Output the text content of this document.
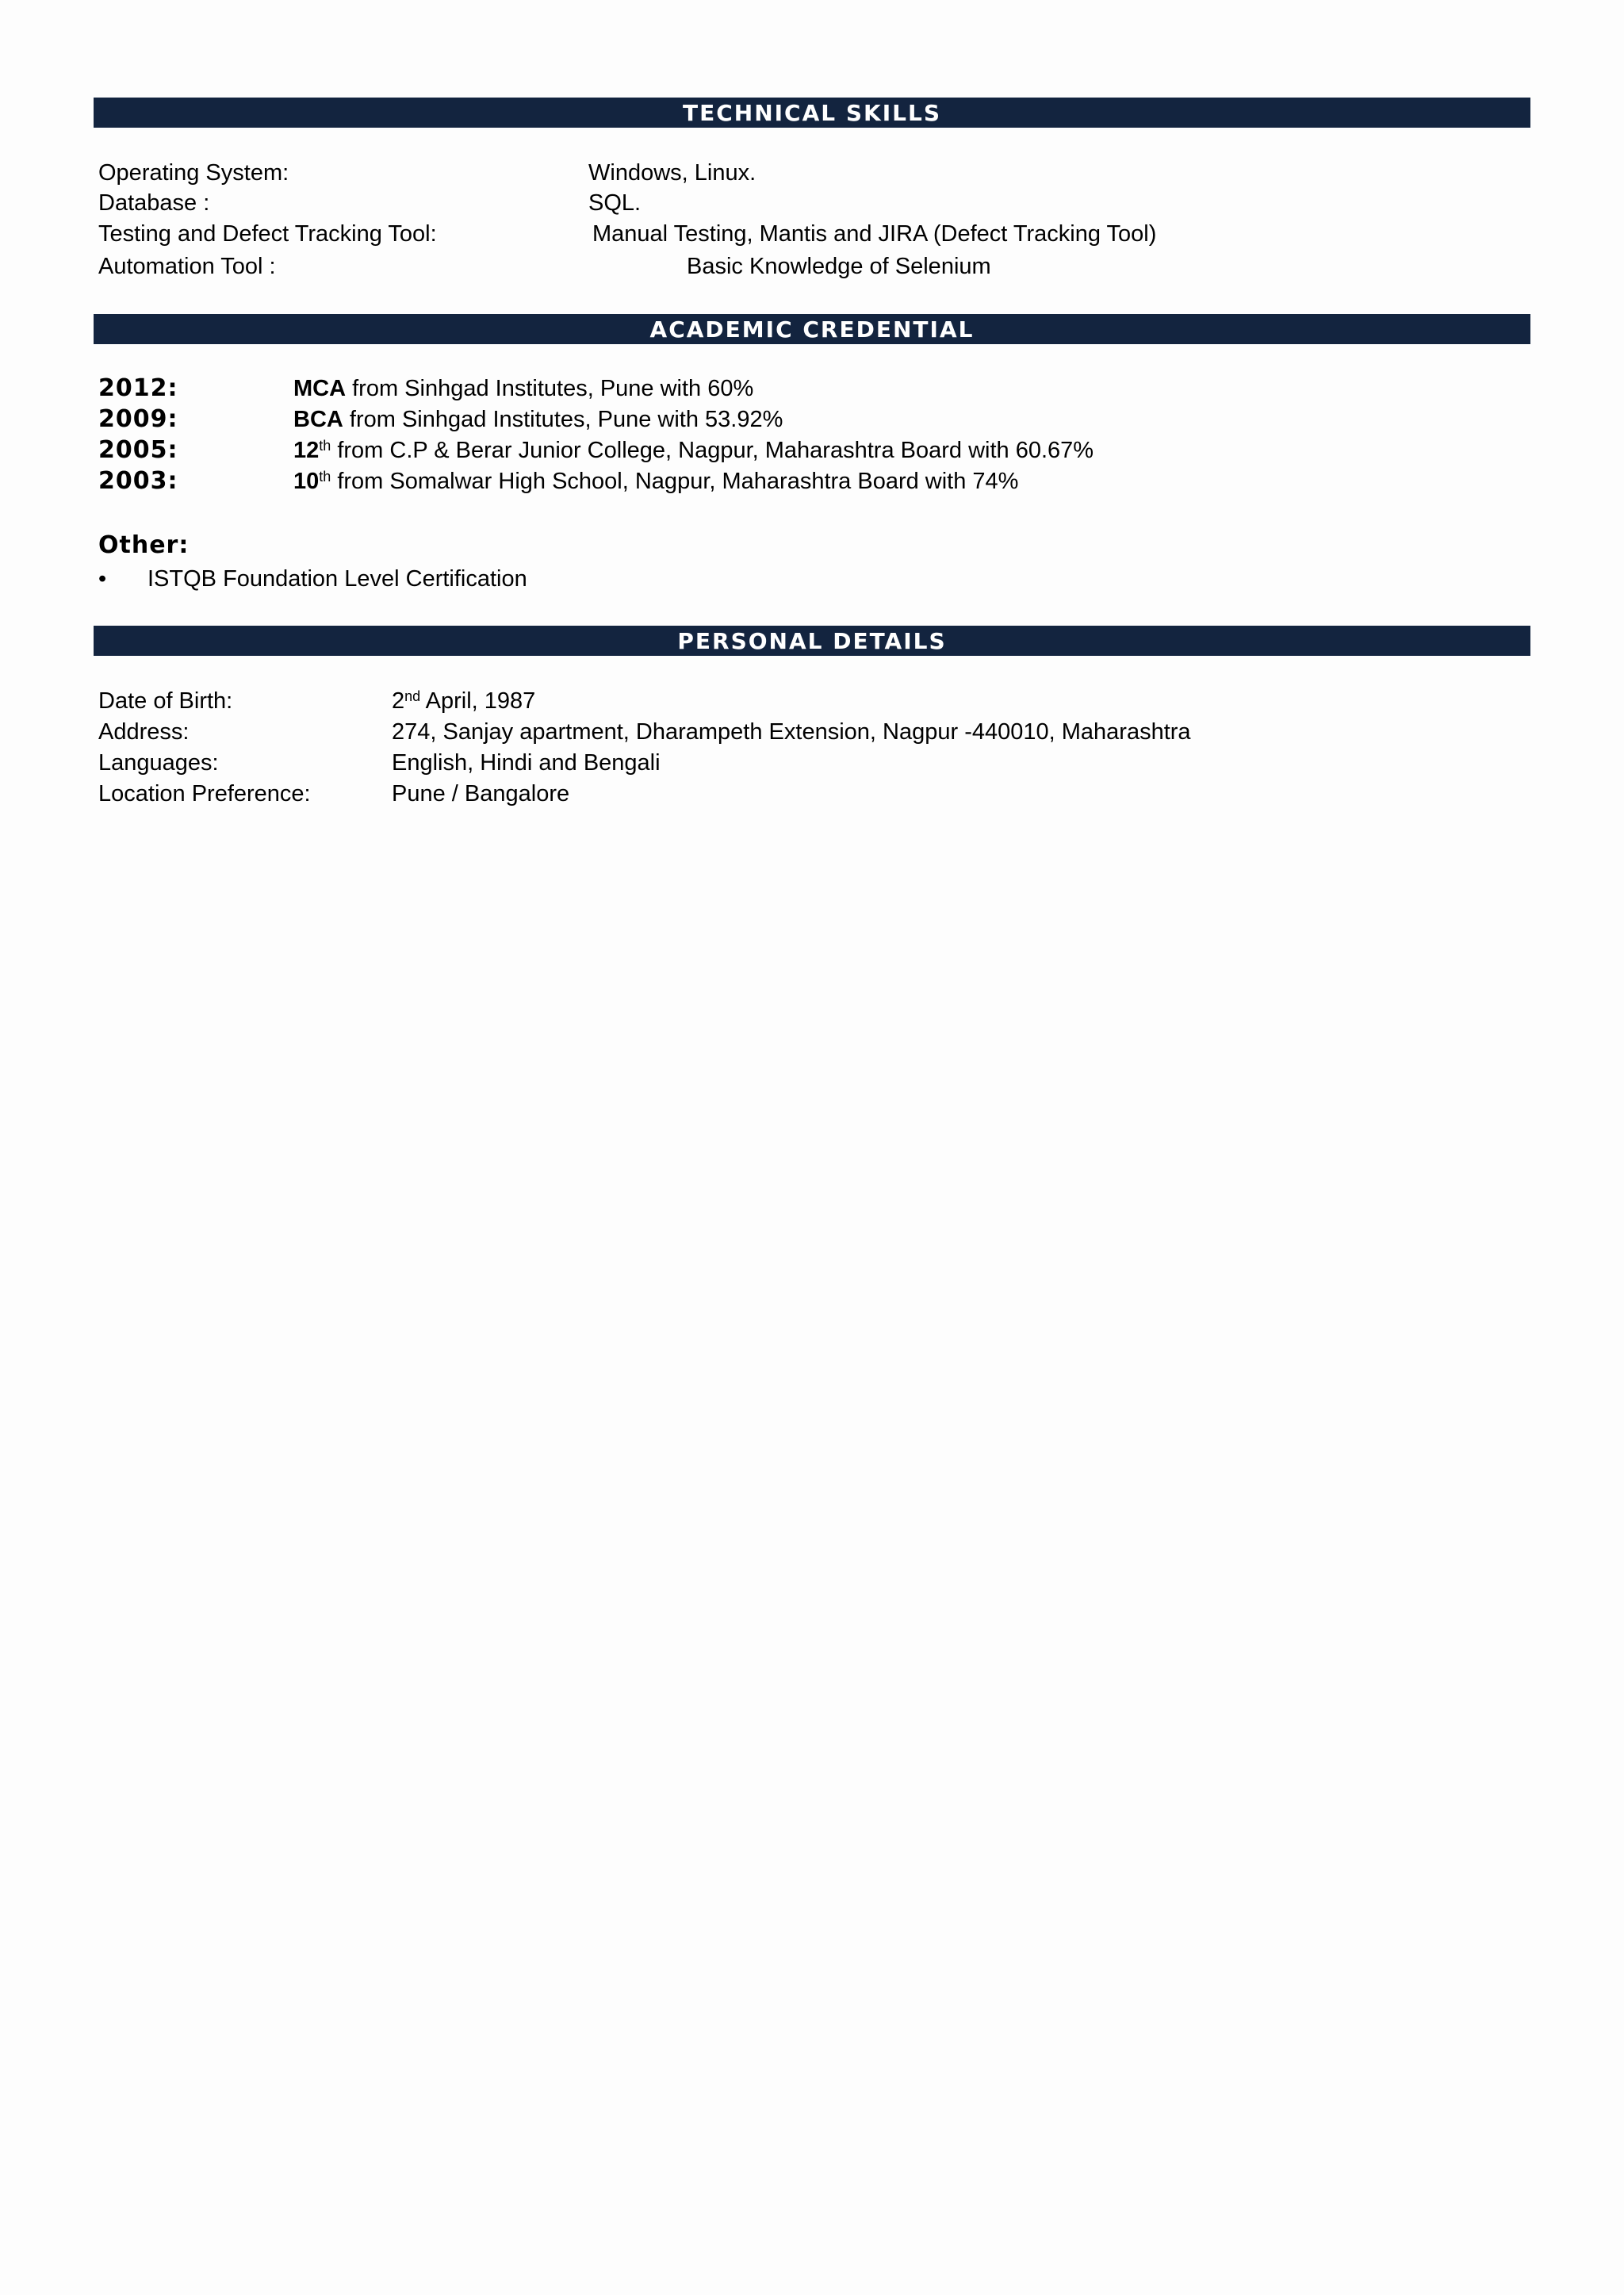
TECHNICAL SKILLS
Operating System:	Windows, Linux.
Database :	SQL.
Testing and Defect Tracking Tool:	Manual Testing, Mantis and JIRA (Defect Tracking Tool)
Automation Tool :	Basic Knowledge of Selenium
ACADEMIC CREDENTIAL
2012:	MCA from Sinhgad Institutes, Pune with 60%
2009:	BCA from Sinhgad Institutes, Pune with 53.92%
2005:	12th from C.P & Berar Junior College, Nagpur, Maharashtra Board with 60.67%
2003:	10th from Somalwar High School, Nagpur, Maharashtra Board with 74%
Other:
• ISTQB Foundation Level Certification
PERSONAL DETAILS
Date of Birth:	2nd April, 1987
Address:	274, Sanjay apartment, Dharampeth Extension, Nagpur -440010, Maharashtra
Languages:	English, Hindi and Bengali
Location Preference:	Pune / Bangalore
